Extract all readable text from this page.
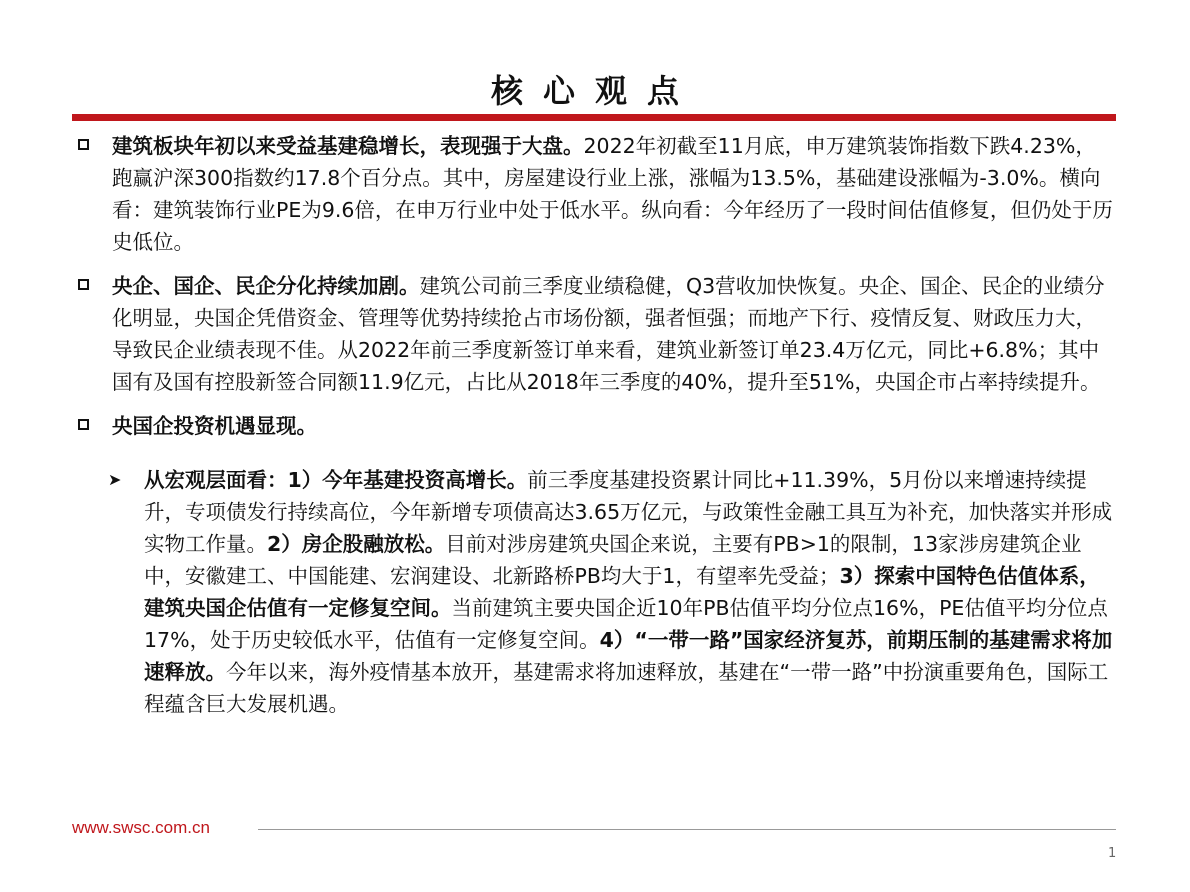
核心观点
建筑板块年初以来受益基建稳增长，表现强于大盘。2022年初截至11月底，申万建筑装饰指数下跌4.23%，跑赢沪深300指数约17.8个百分点。其中，房屋建设行业上涨，涨幅为13.5%，基础建设涨幅为-3.0%。横向看：建筑装饰行业PE为9.6倍，在申万行业中处于低水平。纵向看：今年经历了一段时间估值修复，但仍处于历史低位。
央企、国企、民企分化持续加剧。建筑公司前三季度业绩稳健，Q3营收加快恢复。央企、国企、民企的业绩分化明显，央国企凭借资金、管理等优势持续抢占市场份额，强者恒强；而地产下行、疫情反复、财政压力大，导致民企业绩表现不佳。从2022年前三季度新签订单来看，建筑业新签订单23.4万亿元，同比+6.8%；其中国有及国有控股新签合同额11.9亿元，占比从2018年三季度的40%，提升至51%，央国企市占率持续提升。
央国企投资机遇显现。
➤ 从宏观层面看：1）今年基建投资高增长。前三季度基建投资累计同比+11.39%，5月份以来增速持续提升，专项债发行持续高位，今年新增专项债高达3.65万亿元，与政策性金融工具互为补充，加快落实并形成实物工作量。2）房企股融放松。目前对涉房建筑央国企来说，主要有PB>1的限制，13家涉房建筑企业中，安徽建工、中国能建、宏润建设、北新路桥PB均大于1，有望率先受益；3）探索中国特色估值体系，建筑央国企估值有一定修复空间。当前建筑主要央国企近10年PB估值平均分位点16%，PE估值平均分位点17%，处于历史较低水平，估值有一定修复空间。4）“一带一路”国家经济复苏，前期压制的基建需求将加速释放。今年以来，海外疫情基本放开，基建需求将加速释放，基建在“一带一路”中扮演重要角色，国际工程蕴含巨大发展机遇。
www.swsc.com.cn
1
